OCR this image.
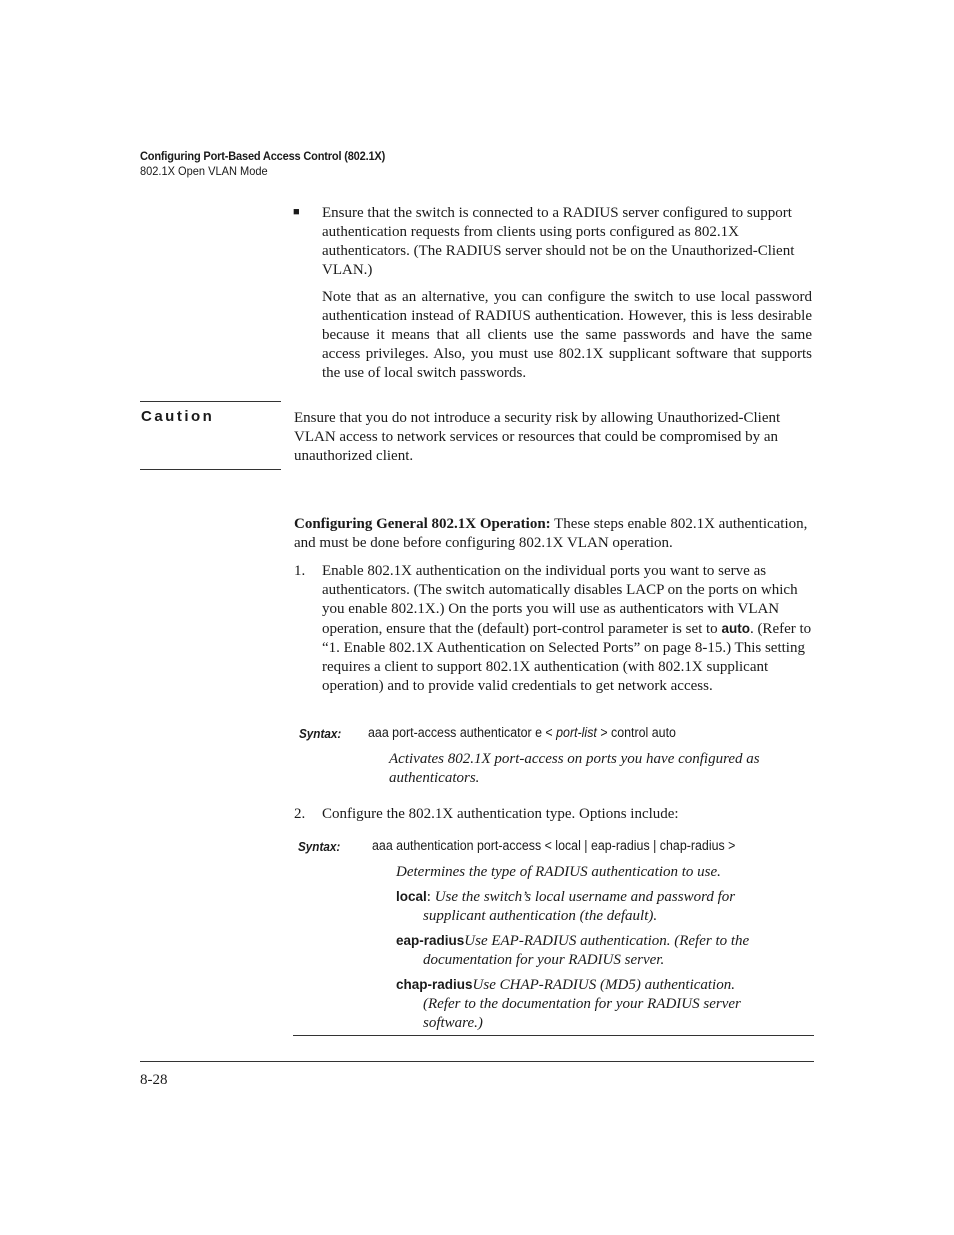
Configuring Port-Based Access Control (802.1X)
802.1X Open VLAN Mode
■ Ensure that the switch is connected to a RADIUS server configured to support authentication requests from clients using ports configured as 802.1X authenticators. (The RADIUS server should not be on the Unauthorized-Client VLAN.)
Note that as an alternative, you can configure the switch to use local password authentication instead of RADIUS authentication. However, this is less desirable because it means that all clients use the same passwords and have the same access privileges. Also, you must use 802.1X supplicant software that supports the use of local switch passwords.
Caution	Ensure that you do not introduce a security risk by allowing Unauthorized-Client VLAN access to network services or resources that could be compromised by an unauthorized client.
Configuring General 802.1X Operation: These steps enable 802.1X authentication, and must be done before configuring 802.1X VLAN operation.
1. Enable 802.1X authentication on the individual ports you want to serve as authenticators. (The switch automatically disables LACP on the ports on which you enable 802.1X.) On the ports you will use as authenticators with VLAN operation, ensure that the (default) port-control parameter is set to auto. (Refer to “1. Enable 802.1X Authentication on Selected Ports” on page 8-15.) This setting requires a client to support 802.1X authentication (with 802.1X supplicant operation) and to provide valid credentials to get network access.
Syntax: aaa port-access authenticator e < port-list > control auto
Activates 802.1X port-access on ports you have configured as authenticators.
2. Configure the 802.1X authentication type. Options include:
Syntax: aaa authentication port-access < local | eap-radius | chap-radius >
Determines the type of RADIUS authentication to use.
local: Use the switch’s local username and password for
supplicant authentication (the default).
eap-radiusUse EAP-RADIUS authentication. (Refer to the
documentation for your RADIUS server.
chap-radiusUse CHAP-RADIUS (MD5) authentication.
(Refer to the documentation for your RADIUS server software.)
8-28
